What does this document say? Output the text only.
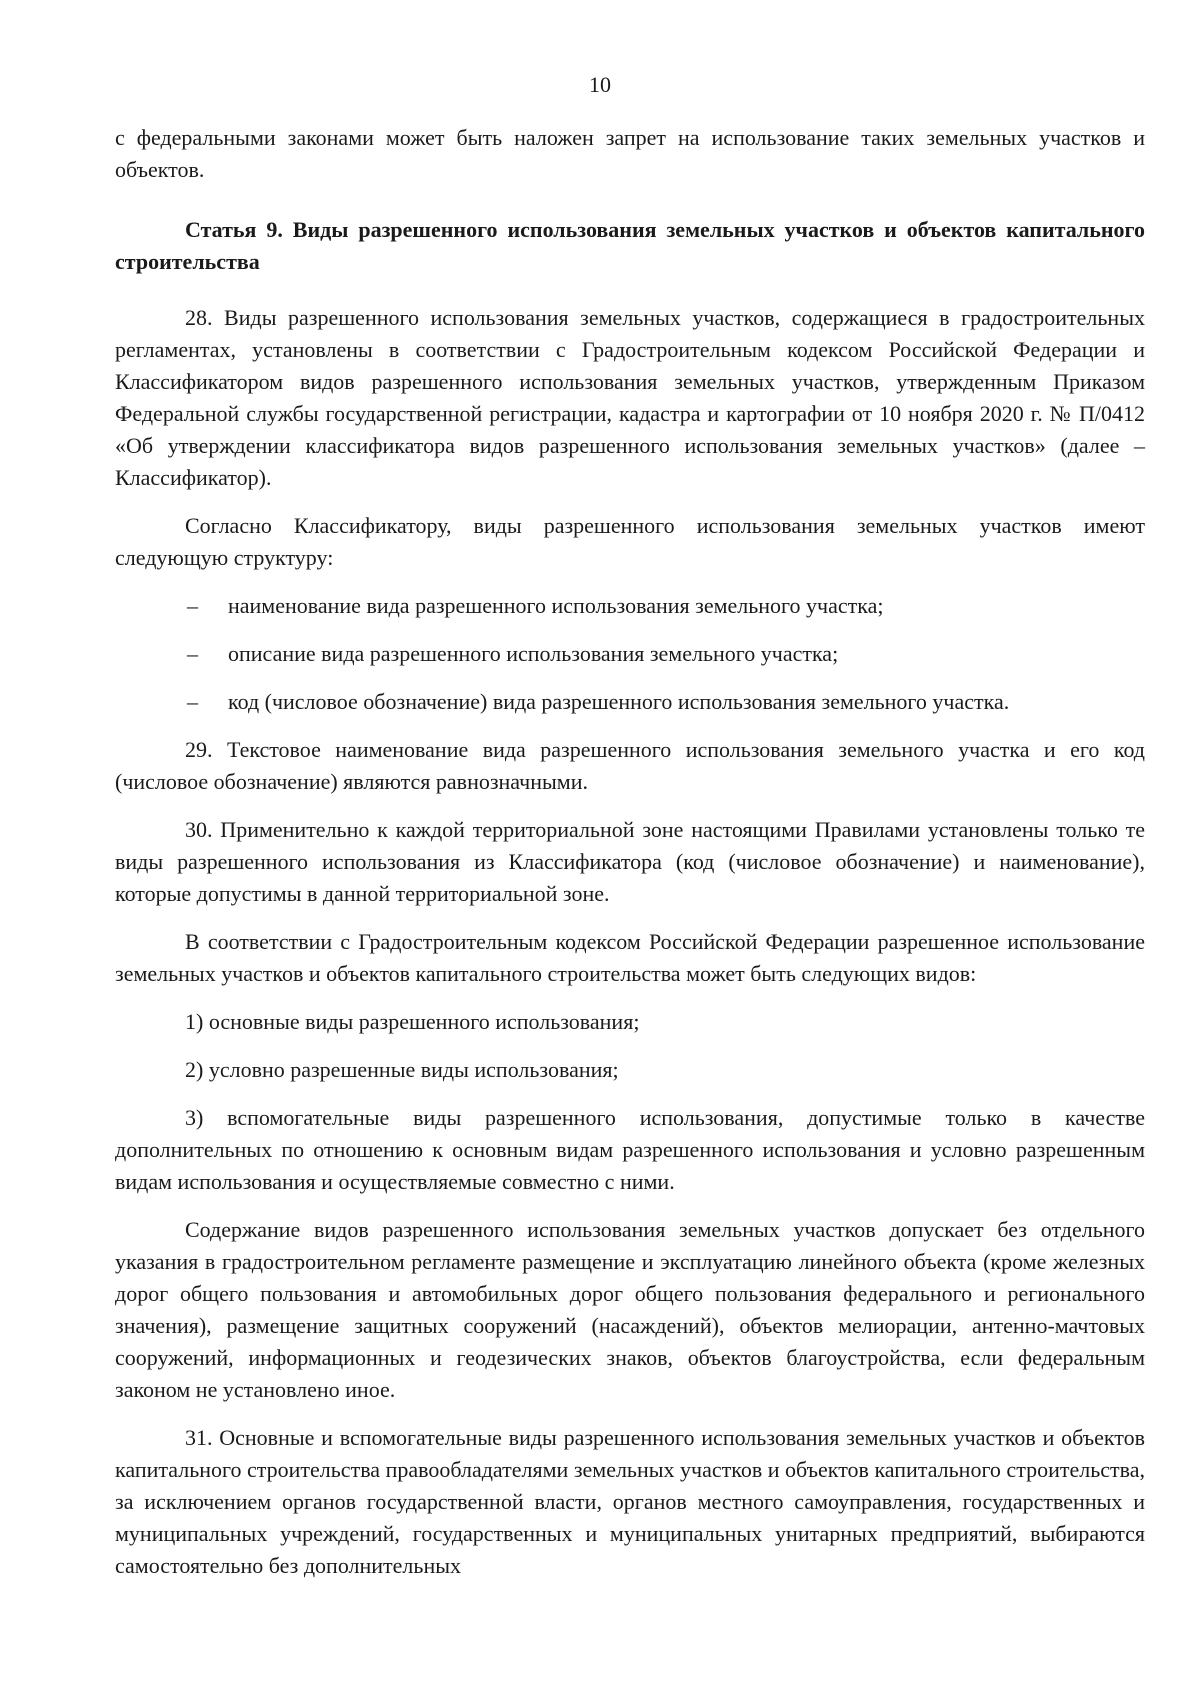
10

с федеральными законами может быть наложен запрет на использование таких земельных участков и объектов.

Статья 9. Виды разрешенного использования земельных участков и объектов капитального строительства

28. Виды разрешенного использования земельных участков, содержащиеся в градостроительных регламентах, установлены в соответствии с Градостроительным кодексом Российской Федерации и Классификатором видов разрешенного использования земельных участков, утвержденным Приказом Федеральной службы государственной регистрации, кадастра и картографии от 10 ноября 2020 г. № П/0412 «Об утверждении классификатора видов разрешенного использования земельных участков» (далее – Классификатор).

Согласно Классификатору, виды разрешенного использования земельных участков имеют следующую структуру:

– наименование вида разрешенного использования земельного участка;
– описание вида разрешенного использования земельного участка;
– код (числовое обозначение) вида разрешенного использования земельного участка.

29. Текстовое наименование вида разрешенного использования земельного участка и его код (числовое обозначение) являются равнозначными.

30. Применительно к каждой территориальной зоне настоящими Правилами установлены только те виды разрешенного использования из Классификатора (код (числовое обозначение) и наименование), которые допустимы в данной территориальной зоне.

В соответствии с Градостроительным кодексом Российской Федерации разрешенное использование земельных участков и объектов капитального строительства может быть следующих видов:

1) основные виды разрешенного использования;

2) условно разрешенные виды использования;

3) вспомогательные виды разрешенного использования, допустимые только в качестве дополнительных по отношению к основным видам разрешенного использования и условно разрешенным видам использования и осуществляемые совместно с ними.

Содержание видов разрешенного использования земельных участков допускает без отдельного указания в градостроительном регламенте размещение и эксплуатацию линейного объекта (кроме железных дорог общего пользования и автомобильных дорог общего пользования федерального и регионального значения), размещение защитных сооружений (насаждений), объектов мелиорации, антенно-мачтовых сооружений, информационных и геодезических знаков, объектов благоустройства, если федеральным законом не установлено иное.

31. Основные и вспомогательные виды разрешенного использования земельных участков и объектов капитального строительства правообладателями земельных участков и объектов капитального строительства, за исключением органов государственной власти, органов местного самоуправления, государственных и муниципальных учреждений, государственных и муниципальных унитарных предприятий, выбираются самостоятельно без дополнительных
